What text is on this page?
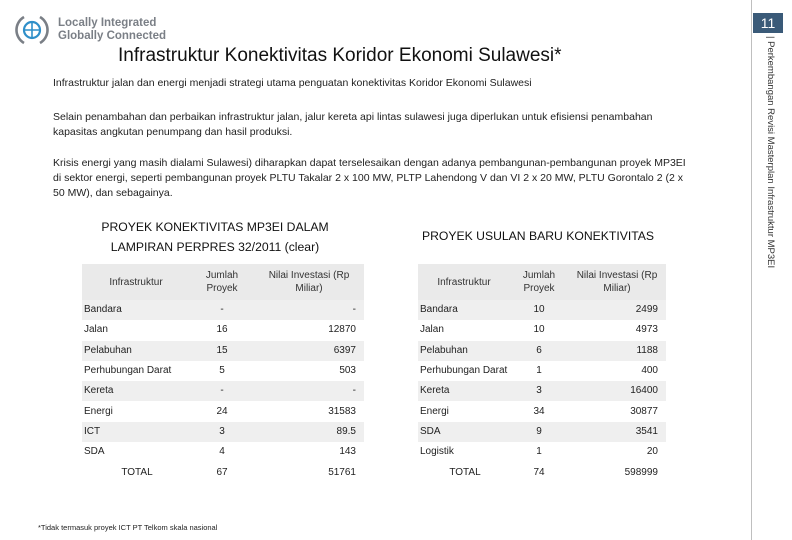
Locally Integrated
Globally Connected
11
| Perkembangan Revisi Masterplan Infrastruktur MP3EI
Infrastruktur Konektivitas Koridor Ekonomi Sulawesi*

Infrastruktur jalan dan energi menjadi strategi utama penguatan konektivitas Koridor Ekonomi Sulawesi

Selain penambahan dan perbaikan infrastruktur jalan, jalur kereta api lintas sulawesi juga diperlukan untuk efisiensi penambahan kapasitas angkutan penumpang dan hasil produksi.

Krisis energi yang masih dialami Sulawesi) diharapkan dapat terselesaikan dengan adanya pembangunan-pembangunan proyek MP3EI di sektor energi, seperti pembangunan proyek PLTU Takalar 2 x 100 MW, PLTP Lahendong V dan VI 2 x 20 MW, PLTU Gorontalo 2 (2 x 50 MW), dan sebagainya.

PROYEK KONEKTIVITAS MP3EI DALAM
LAMPIRAN PERPRES 32/2011 (clear)
PROYEK USULAN BARU KONEKTIVITAS
Infrastruktur	Jumlah Proyek	Nilai Investasi (Rp Miliar)
Bandara	-	-
Jalan	16	12870
Pelabuhan	15	6397
Perhubungan Darat	5	503
Kereta	-	-
Energi	24	31583
ICT	3	89.5
SDA	4	143
TOTAL	67	51761
Infrastruktur	Jumlah Proyek	Nilai Investasi (Rp Miliar)
Bandara	10	2499
Jalan	10	4973
Pelabuhan	6	1188
Perhubungan Darat	1	400
Kereta	3	16400
Energi	34	30877
SDA	9	3541
Logistik	1	20
TOTAL	74	598999
*Tidak termasuk proyek ICT PT Telkom skala nasional
